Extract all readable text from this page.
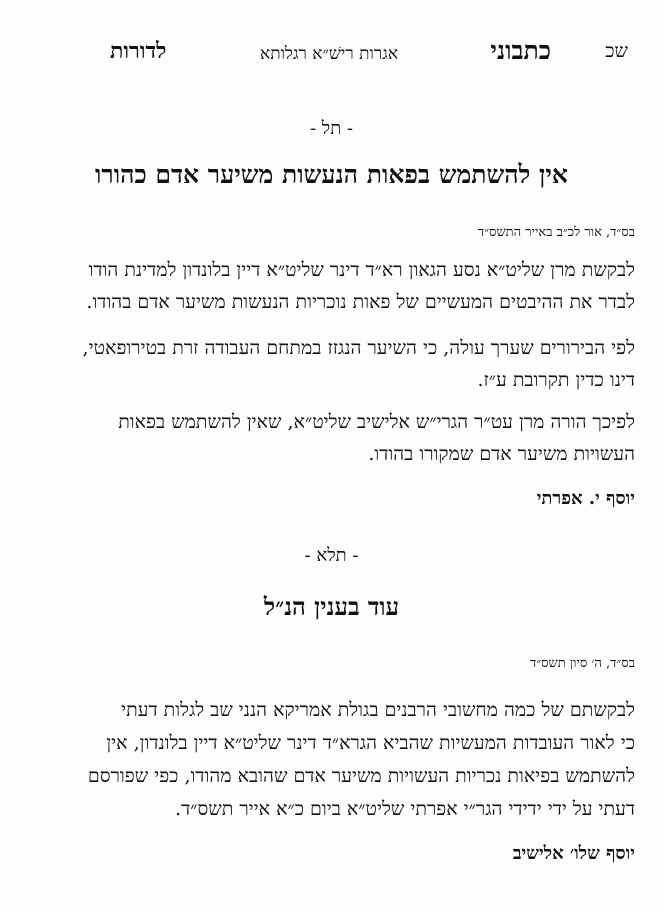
שכ
כתבוני
אגרות רישׁ״א רגלותא
לדורות
- תל -
אין להשתמש בפאות הנעשות משיער אדם כהורו
בס״ד, אור לכ״ב באייר התשס״ד
לבקשת מרן שליט״א נסע הגאון רא״ד דינר שליט״א דיין בלונדון למדינת הודו
לבדר את ההיבטים המעשיים של פאות נוכריות הנעשות משיער אדם בהודו.
לפי הבירורים שערך עולה, כי השיער הנגזז במתחם העבודה זרת בטירופאטי,
דינו כדין תקרובת ע״ז.
לפיכך הורה מרן עט״ר הגרי״ש אלישיב שליט״א, שאין להשתמש בפאות
העשויות משיער אדם שמקורו בהודו.
יוסף י. אפרתי
- תלא -
עוד בענין הנ״ל
בס״ד, ה׳ סיון תשס״ד
לבקשתם של כמה מחשובי הרבנים בגולת אמריקא הנני שב לגלות דעתי
כי לאור העובדות המעשיות שהביא הגרא״ד דינר שליט״א דיין בלונדון, אין
להשתמש בפיאות נכריות העשויות משיער אדם שהובא מהודו, כפי שפורסם
דעתי על ידי ידידי הגר״י אפרתי שליט״א ביום כ״א אייר תשס״ד.
יוסף שלו׳ אלישיב
